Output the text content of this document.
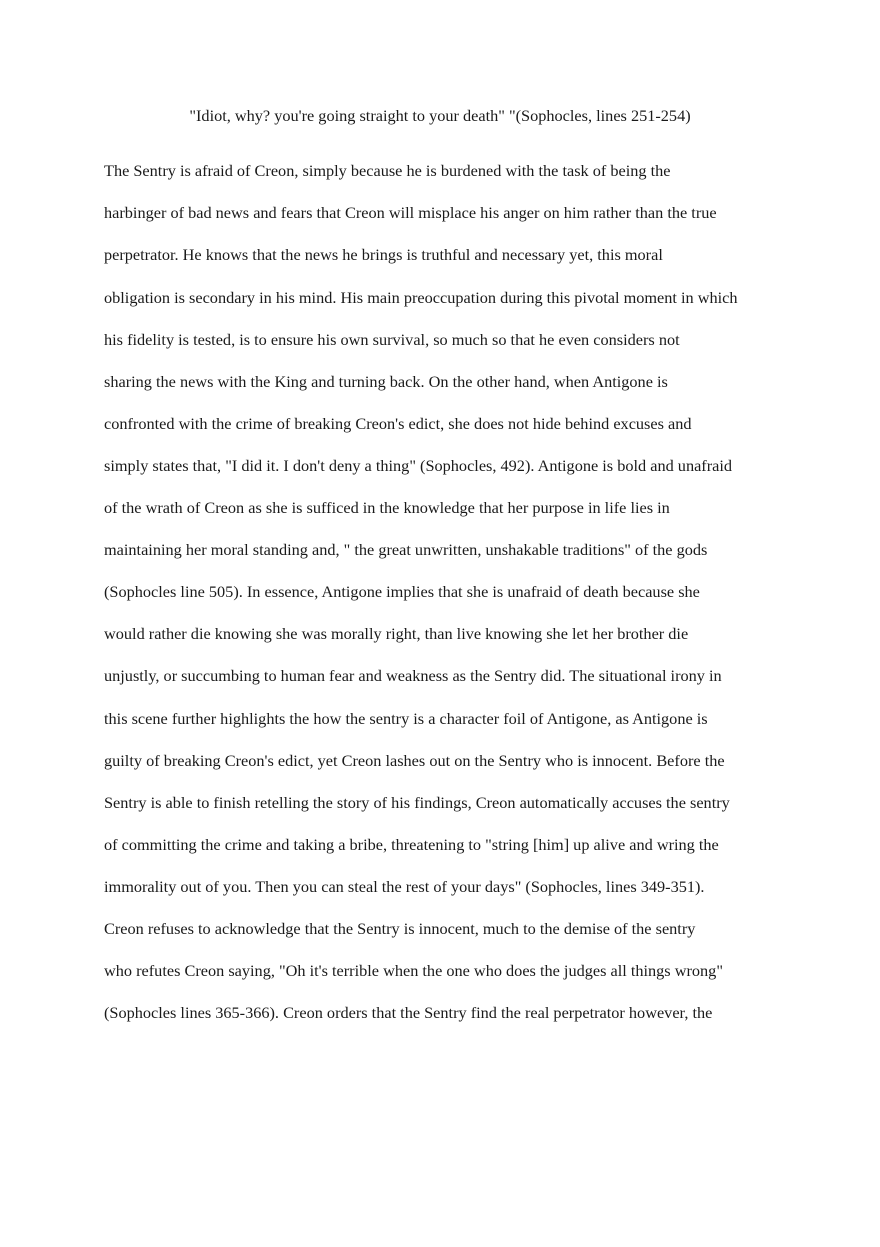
"Idiot, why? you're going straight to your death" "(Sophocles, lines 251-254)
The Sentry is afraid of Creon, simply because he is burdened with the task of being the
harbinger of bad news and fears that Creon will misplace his anger on him rather than the true
perpetrator. He knows that the news he brings is truthful and necessary yet, this moral
obligation is secondary in his mind. His main preoccupation during this pivotal moment in which
his fidelity is tested, is to ensure his own survival, so much so that he even considers not
sharing the news with the King and turning back. On the other hand, when Antigone is
confronted with the crime of breaking Creon's edict, she does not hide behind excuses and
simply states that, "I did it. I don't deny a thing" (Sophocles, 492). Antigone is bold and unafraid
of the wrath of Creon as she is sufficed in the knowledge that her purpose in life lies in
maintaining her moral standing and, " the great unwritten, unshakable traditions" of the gods
(Sophocles line 505). In essence, Antigone implies that she is unafraid of death because she
would rather die knowing she was morally right, than live knowing she let her brother die
unjustly, or succumbing to human fear and weakness as the Sentry did. The situational irony in
this scene further highlights the how the sentry is a character foil of Antigone, as Antigone is
guilty of breaking Creon's edict, yet Creon lashes out on the Sentry who is innocent. Before the
Sentry is able to finish retelling the story of his findings, Creon automatically accuses the sentry
of committing the crime and taking a bribe, threatening to "string [him] up alive and wring the
immorality out of you. Then you can steal the rest of your days" (Sophocles, lines 349-351).
Creon refuses to acknowledge that the Sentry is innocent, much to the demise of the sentry
who refutes Creon saying, "Oh it's terrible when the one who does the judges all things wrong"
(Sophocles lines 365-366). Creon orders that the Sentry find the real perpetrator however, the
